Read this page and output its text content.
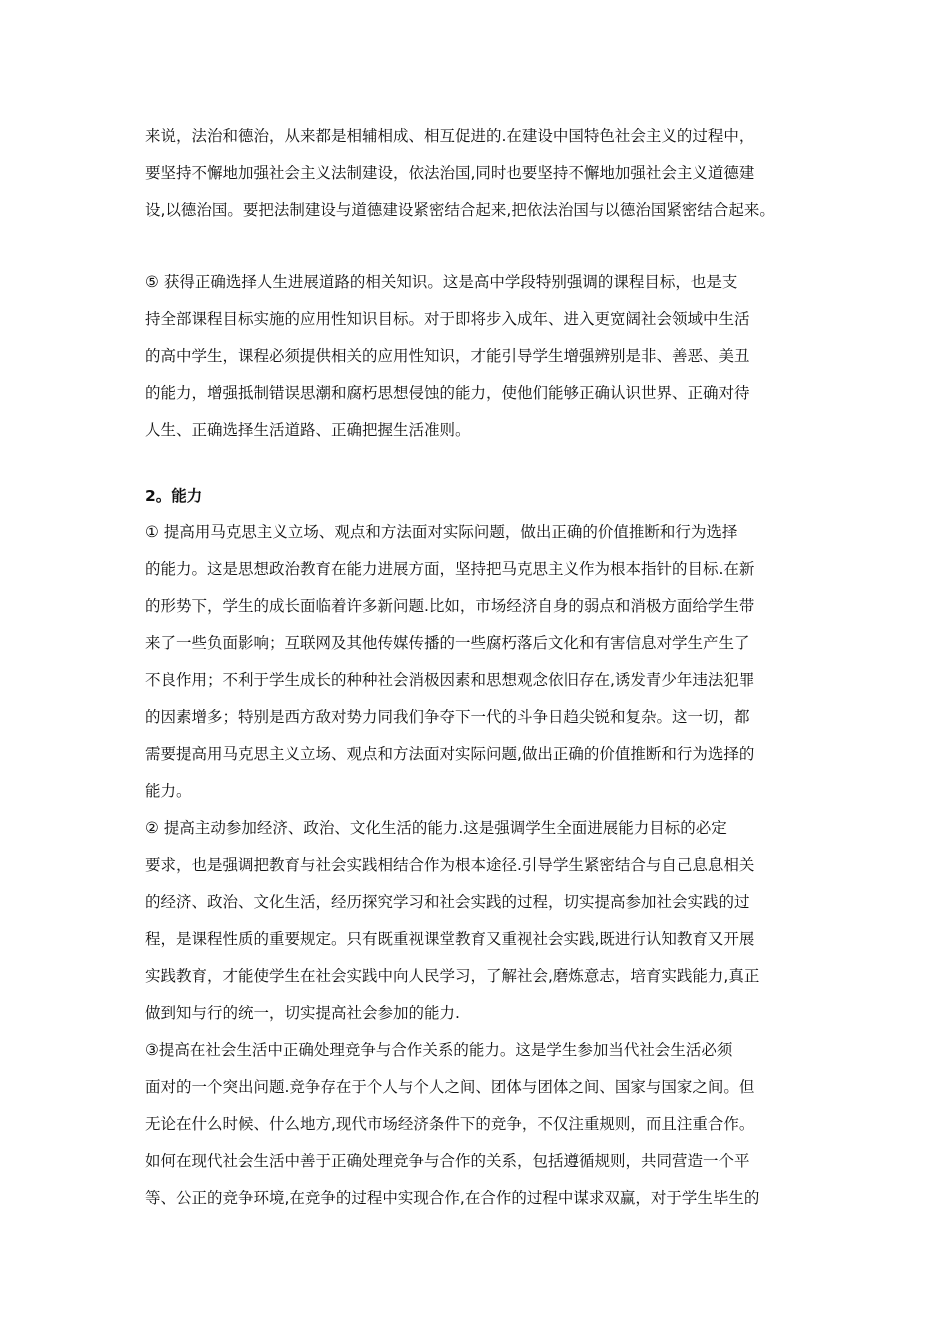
来说，法治和德治，从来都是相辅相成、相互促进的.在建设中国特色社会主义的过程中，
要坚持不懈地加强社会主义法制建设，依法治国,同时也要坚持不懈地加强社会主义道德建
设,以德治国。要把法制建设与道德建设紧密结合起来,把依法治国与以德治国紧密结合起来。
⑤ 获得正确选择人生进展道路的相关知识。这是高中学段特别强调的课程目标，也是支
持全部课程目标实施的应用性知识目标。对于即将步入成年、进入更宽阔社会领域中生活
的高中学生，课程必须提供相关的应用性知识，才能引导学生增强辨别是非、善恶、美丑
的能力，增强抵制错误思潮和腐朽思想侵蚀的能力，使他们能够正确认识世界、正确对待
人生、正确选择生活道路、正确把握生活准则。
2。能力
① 提高用马克思主义立场、观点和方法面对实际问题，做出正确的价值推断和行为选择
的能力。这是思想政治教育在能力进展方面，坚持把马克思主义作为根本指针的目标.在新
的形势下，学生的成长面临着许多新问题.比如，市场经济自身的弱点和消极方面给学生带
来了一些负面影响；互联网及其他传媒传播的一些腐朽落后文化和有害信息对学生产生了
不良作用；不利于学生成长的种种社会消极因素和思想观念依旧存在,诱发青少年违法犯罪
的因素增多；特别是西方敌对势力同我们争夺下一代的斗争日趋尖锐和复杂。这一切，都
需要提高用马克思主义立场、观点和方法面对实际问题,做出正确的价值推断和行为选择的
能力。
② 提高主动参加经济、政治、文化生活的能力.这是强调学生全面进展能力目标的必定
要求，也是强调把教育与社会实践相结合作为根本途径.引导学生紧密结合与自己息息相关
的经济、政治、文化生活，经历探究学习和社会实践的过程，切实提高参加社会实践的过
程，是课程性质的重要规定。只有既重视课堂教育又重视社会实践,既进行认知教育又开展
实践教育，才能使学生在社会实践中向人民学习，了解社会,磨炼意志，培育实践能力,真正
做到知与行的统一，切实提高社会参加的能力.
③提高在社会生活中正确处理竞争与合作关系的能力。这是学生参加当代社会生活必须
面对的一个突出问题.竞争存在于个人与个人之间、团体与团体之间、国家与国家之间。但
无论在什么时候、什么地方,现代市场经济条件下的竞争，不仅注重规则，而且注重合作。
如何在现代社会生活中善于正确处理竞争与合作的关系，包括遵循规则，共同营造一个平
等、公正的竞争环境,在竞争的过程中实现合作,在合作的过程中谋求双赢，对于学生毕生的
